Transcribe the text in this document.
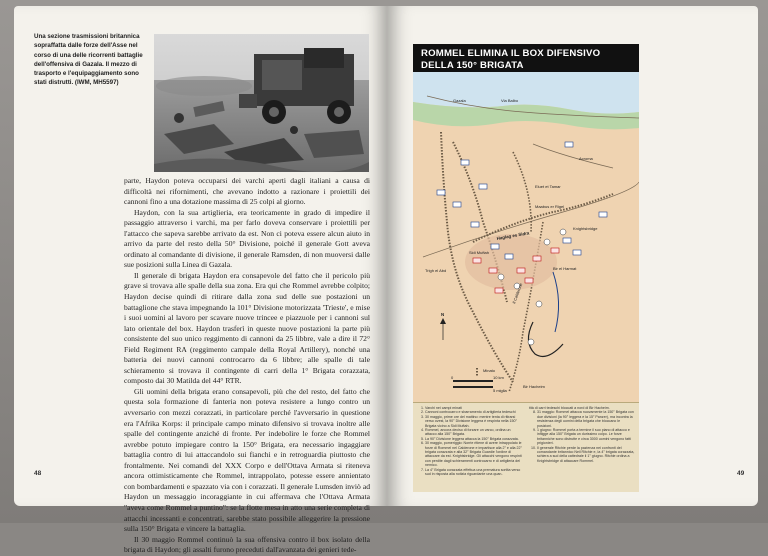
Una sezione trasmissioni britannica sopraffatta dalle forze dell'Asse nel corso di una delle ricorrenti battaglie dell'offensiva di Gazala. Il mezzo di trasporto e l'equipaggiamento sono stati distrutti. (IWM, MH5597)

parte, Haydon poteva occuparsi dei varchi aperti dagli italiani a causa di difficoltà nei rifornimenti, che avevano indotto a razionare i proiettili dei cannoni fino a una dotazione massima di 25 colpi al giorno.

Haydon, con la sua artiglieria, era teoricamente in grado di impedire il passaggio attraverso i varchi, ma per farlo doveva conservare i proiettili per l'attacco che sapeva sarebbe arrivato da est. Non ci poteva essere alcun aiuto in arrivo da parte del resto della 50° Divisione, poiché il generale Gott aveva ordinato al comandante di divisione, il generale Ramsden, di non muoversi dalle sue posizioni sulla Linea di Gazala.

Il generale di brigata Haydon era consapevole del fatto che il pericolo più grave si trovava alle spalle della sua zona. Era qui che Rommel avrebbe colpito; Haydon decise quindi di ritirare dalla zona sud delle sue postazioni un battaglione che stava impegnando la 101° Divisione motorizzata 'Trieste', e mise i suoi uomini al lavoro per scavare nuove trincee e piazzuole per i cannoni sul lato orientale del box. Haydon trasferì in queste nuove postazioni la parte più consistente del suo unico reggimento di cannoni da 25 libbre, vale a dire il 72° Field Regiment RA (reggimento campale della Royal Artillery), nonché una batteria dei nuovi cannoni controcarro da 6 libbre; alle spalle di tale schieramento si trovava il contingente di carri della 1° Brigata corazzata, composto dai 30 Matilda del 44° RTR.

Gli uomini della brigata erano consapevoli, più che del resto, del fatto che questa sola formazione di fanteria non poteva resistere a lungo contro un avversario con mezzi corazzati, in particolare perché l'avversario in questione era l'Afrika Korps: il principale campo minato difensivo si trovava inoltre alle spalle del contingente anziché di fronte. Per indebolire le forze che Rommel avrebbe potuto impiegare contro la 150° Brigata, era necessario ingaggiare battaglia contro di lui attaccandolo sui fianchi e in retroguardia piuttosto che frontalmente. Nei comandi del XXX Corpo e dell'Ottava Armata si riteneva ancora ottimisticamente che Rommel, intrappolato, potesse essere annientato con bombardamenti e spazzato via con i corazzati. Il generale Lumsden inviò ad Haydon un messaggio incoraggiante in cui affermava che l'Ottava Armata "aveva come Rommel a puntino": se la flotte mesa in atto una serie completa di attacchi incessanti e concentrati, sarebbe stato possibile alleggerire la pressione sulla 150° Brigata e vincere la battaglia.

Il 30 maggio Rommel continuò la sua offensiva contro il box isolato della brigata di Haydon; gli assalti furono preceduti dall'avanzata dei genieri tede-

48
ROMMEL ELIMINA IL BOX DIFENSIVO DELLA 150° BRIGATA
Gazala	Via Balbo
Acroma
Eluet et Tamar
Maabus er Rigel
Haglag es Sidra
Knightsbridge
Sidi Muftah
Bir el Harmat
Trigh el Abd
Bir Hacheim
Il Calderone
N
Minato
0	10 km
5 miglia
1. Varchi nei campi minati
2. Cannoni controcarro e sbarramento di artiglieria tedeschi
3. 30 maggio, prime ore del mattino: mentre tenta di ritirarsi verso ovest, la 90° Divisione leggera è respinta nella 150° Brigata vicino a Sidi Muftah.
4. Rommel, ancora deciso di forzare un varco, ordina un attacco alla 150° Brigata.
5. La 90° Divisione leggera attacca la 150° Brigata corazzata.
6. 30 maggio, pomeriggio: Norrie ritiene di avere intrappolato le forze di Rommel nel Calderone e impartisce alla 2° e alla 22° brigata corazzata e alla 32° Brigata Guardie l'ordine di attaccare da est. Knightsbridge. Gli attacchi vengono respinti con perdite dagli schieramenti controcarro e di artiglieria del nemico.
7. La 4° Brigata corazzata effettua una prematura sortita verso sud in risposta alla notizia riguardante una quan-
tità di carri tedeschi bloccati a nord di Bir Hacheim.
8. 31 maggio: Rommel attacca nuovamente la 150° Brigata con due divisioni (la 90° leggera e la 15° Panzer), ma incontra la resistenza degli uomini della brigata che bloccano le posizioni.
9. 1 giugno: Rommel porta a termine il suo piano di attacco e infligge alla 150° Brigata un durissimo colpo. Le forze britanniche sono distrutte e circa 3000 uomini vengono fatti prigionieri.
10. Il generale Ritchie perde la pazienza nei confronti del comandante britannico Neil Ritchie e, la 4° brigata corazzata, schiera a sud della cattedrale il 1° giugno. Ritchie ordina a Knightsbridge di attaccare Rommel.
49
